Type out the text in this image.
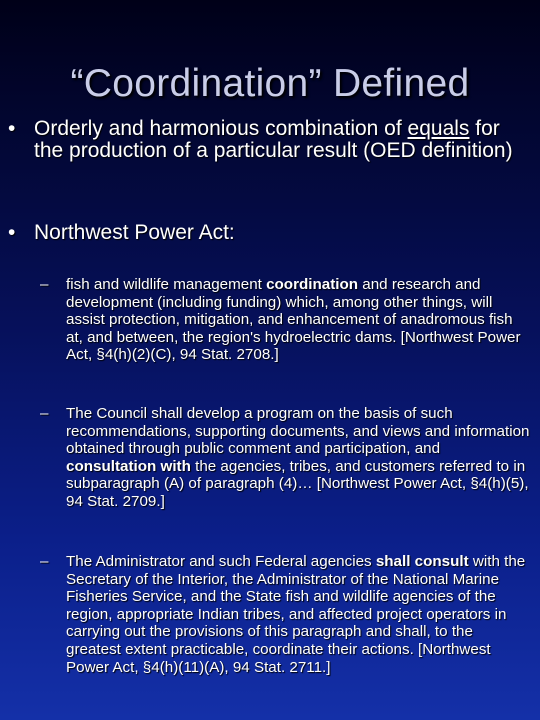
“Coordination” Defined
• Orderly and harmonious combination of equals for the production of a particular result (OED definition)
• Northwest Power Act:
– fish and wildlife management coordination and research and development (including funding) which, among other things, will assist protection, mitigation, and enhancement of anadromous fish at, and between, the region's hydroelectric dams. [Northwest Power Act, §4(h)(2)(C), 94 Stat. 2708.]
– The Council shall develop a program on the basis of such recommendations, supporting documents, and views and information obtained through public comment and participation, and consultation with the agencies, tribes, and customers referred to in subparagraph (A) of paragraph (4)… [Northwest Power Act, §4(h)(5), 94 Stat. 2709.]
– The Administrator and such Federal agencies shall consult with the Secretary of the Interior, the Administrator of the National Marine Fisheries Service, and the State fish and wildlife agencies of the region, appropriate Indian tribes, and affected project operators in carrying out the provisions of this paragraph and shall, to the greatest extent practicable, coordinate their actions. [Northwest Power Act, §4(h)(11)(A), 94 Stat. 2711.]
